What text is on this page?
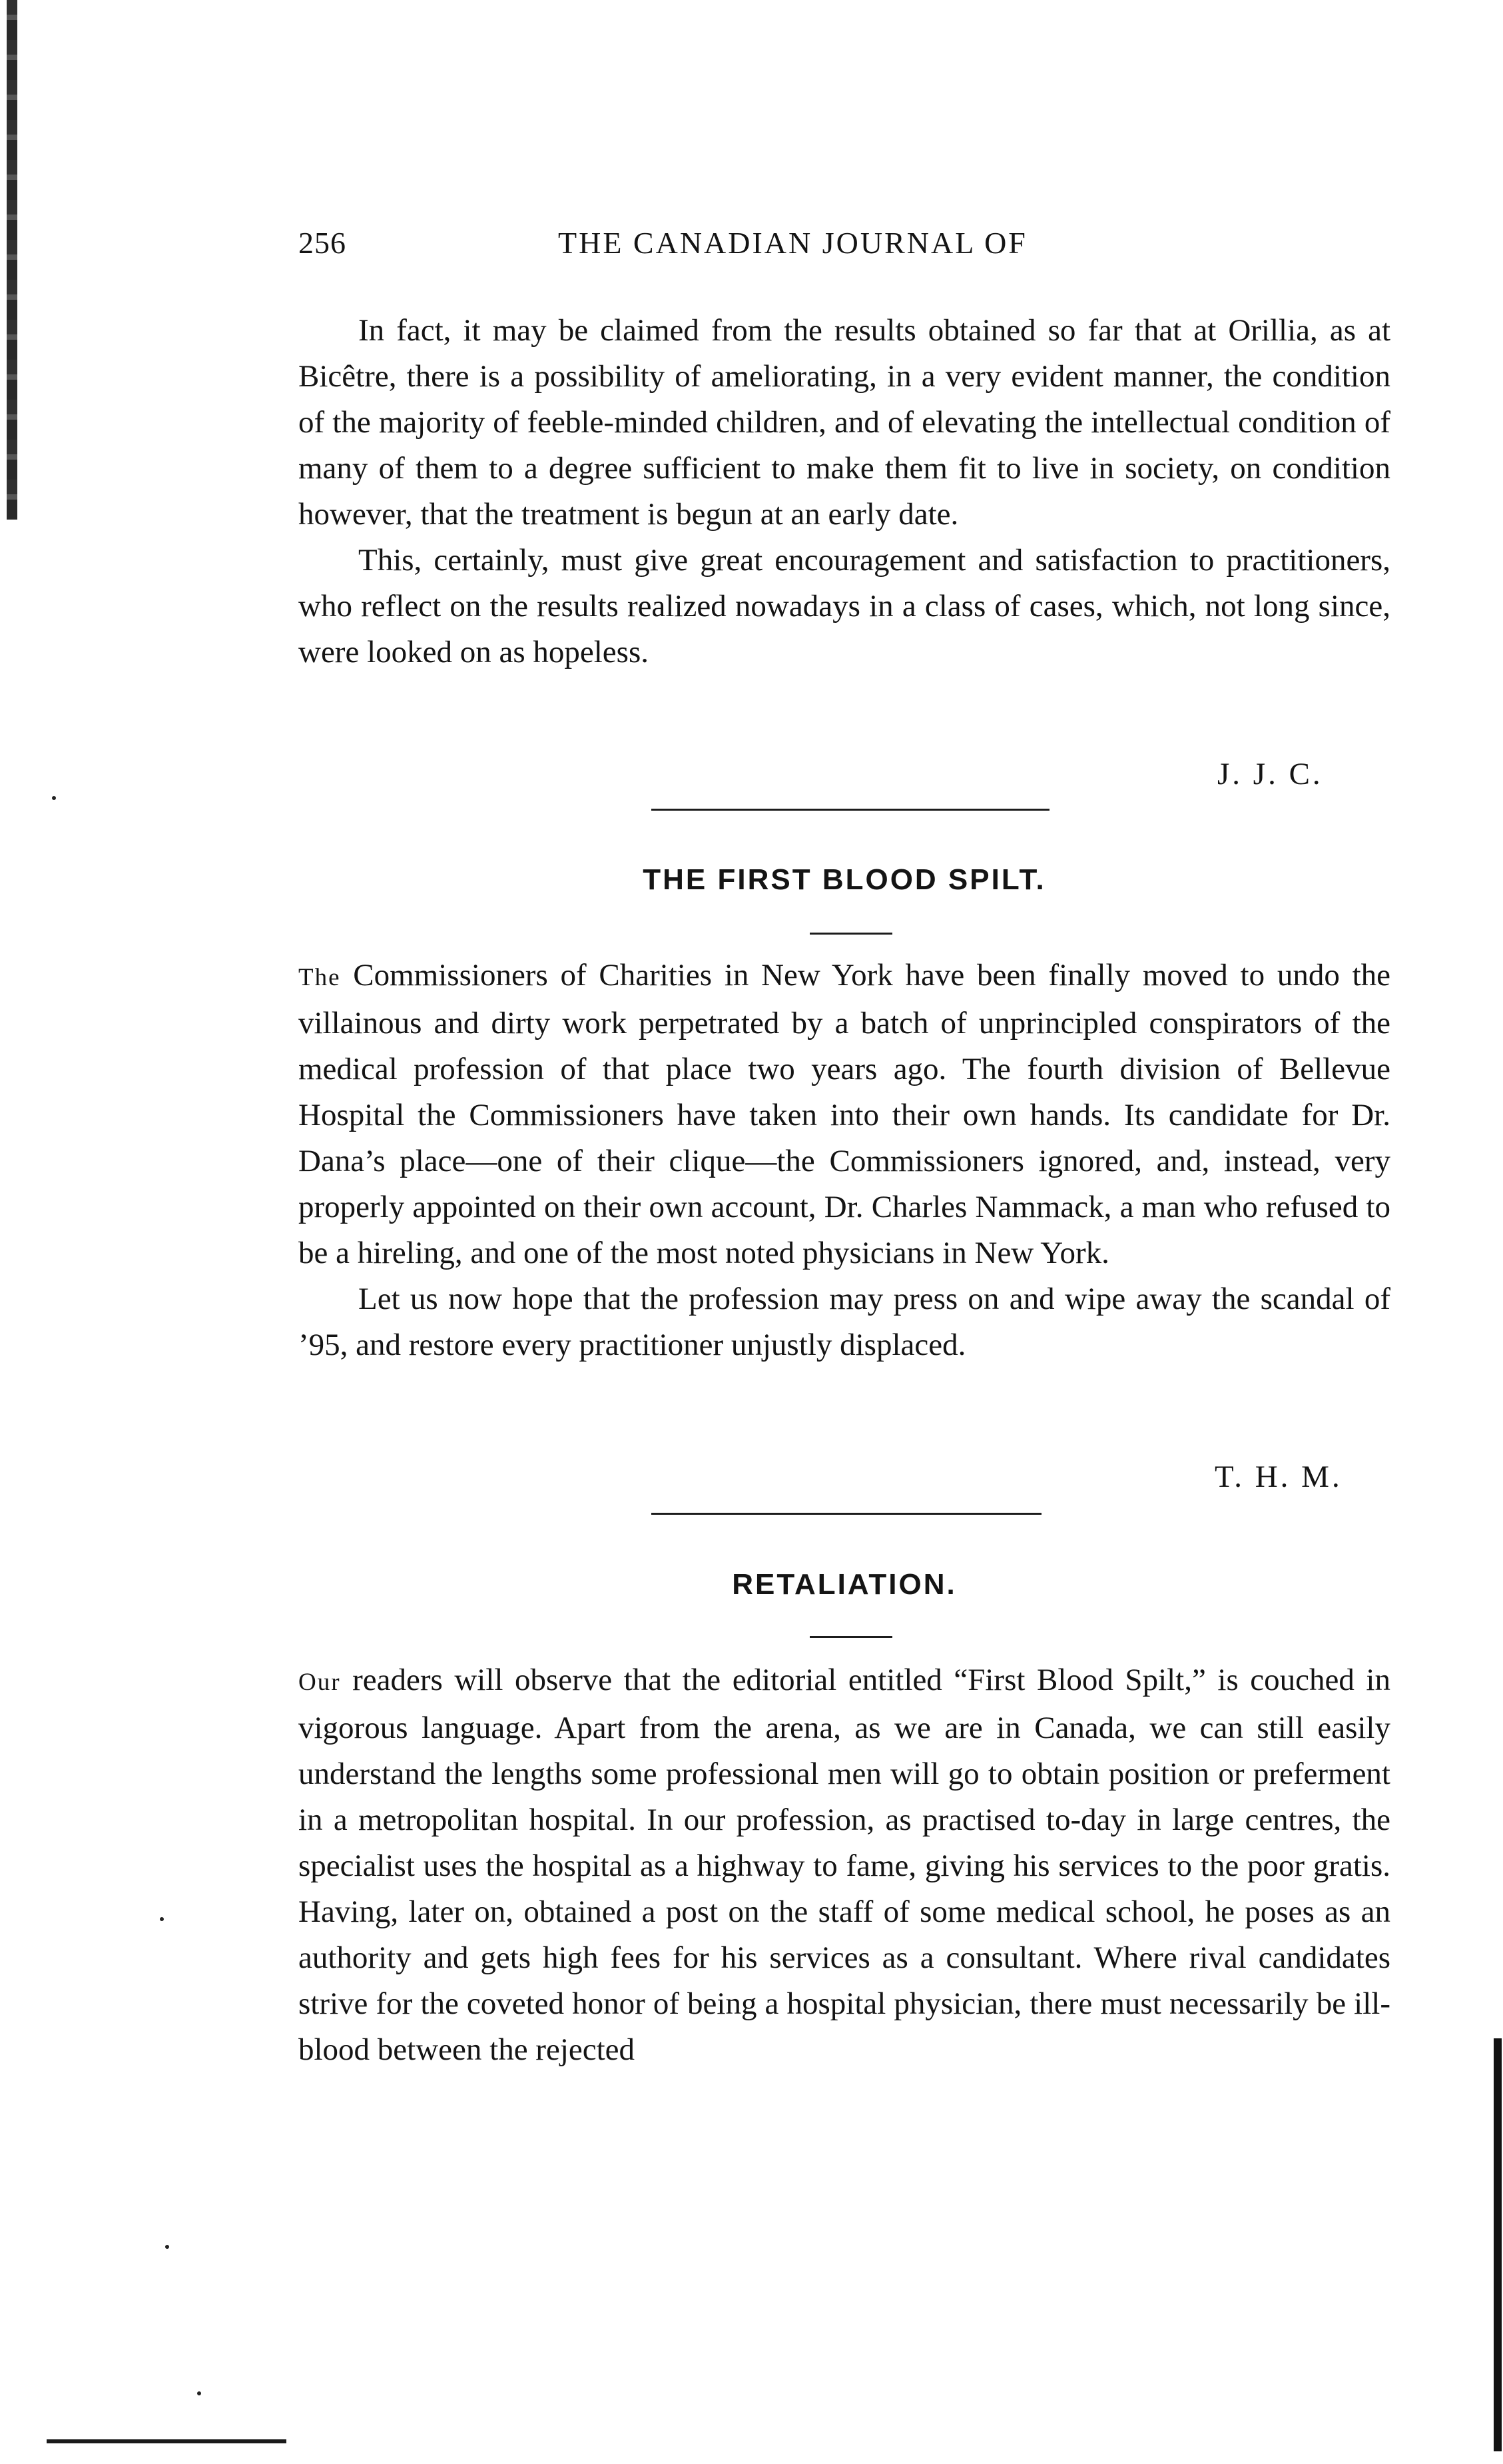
256	THE CANADIAN JOURNAL OF

In fact, it may be claimed from the results obtained so far that at Orillia, as at Bicêtre, there is a possibility of ameliorating, in a very evident manner, the condition of the majority of feeble-minded children, and of elevating the intellectual condition of many of them to a degree sufficient to make them fit to live in society, on condition however, that the treatment is begun at an early date.

This, certainly, must give great encouragement and satisfaction to practitioners, who reflect on the results realized nowadays in a class of cases, which, not long since, were looked on as hopeless.

J. J. C.
THE FIRST BLOOD SPILT.

The Commissioners of Charities in New York have been finally moved to undo the villainous and dirty work perpetrated by a batch of unprincipled conspirators of the medical profession of that place two years ago. The fourth division of Bellevue Hospital the Commissioners have taken into their own hands. Its candidate for Dr. Dana’s place—one of their clique—the Commissioners ignored, and, instead, very properly appointed on their own account, Dr. Charles Nammack, a man who refused to be a hireling, and one of the most noted physicians in New York.

Let us now hope that the profession may press on and wipe away the scandal of ’95, and restore every practitioner unjustly displaced.

T. H. M.
RETALIATION.

Our readers will observe that the editorial entitled “First Blood Spilt,” is couched in vigorous language. Apart from the arena, as we are in Canada, we can still easily understand the lengths some professional men will go to obtain position or preferment in a metropolitan hospital. In our profession, as practised to-day in large centres, the specialist uses the hospital as a highway to fame, giving his services to the poor gratis. Having, later on, obtained a post on the staff of some medical school, he poses as an authority and gets high fees for his services as a consultant. Where rival candidates strive for the coveted honor of being a hospital physician, there must necessarily be ill-blood between the rejected
